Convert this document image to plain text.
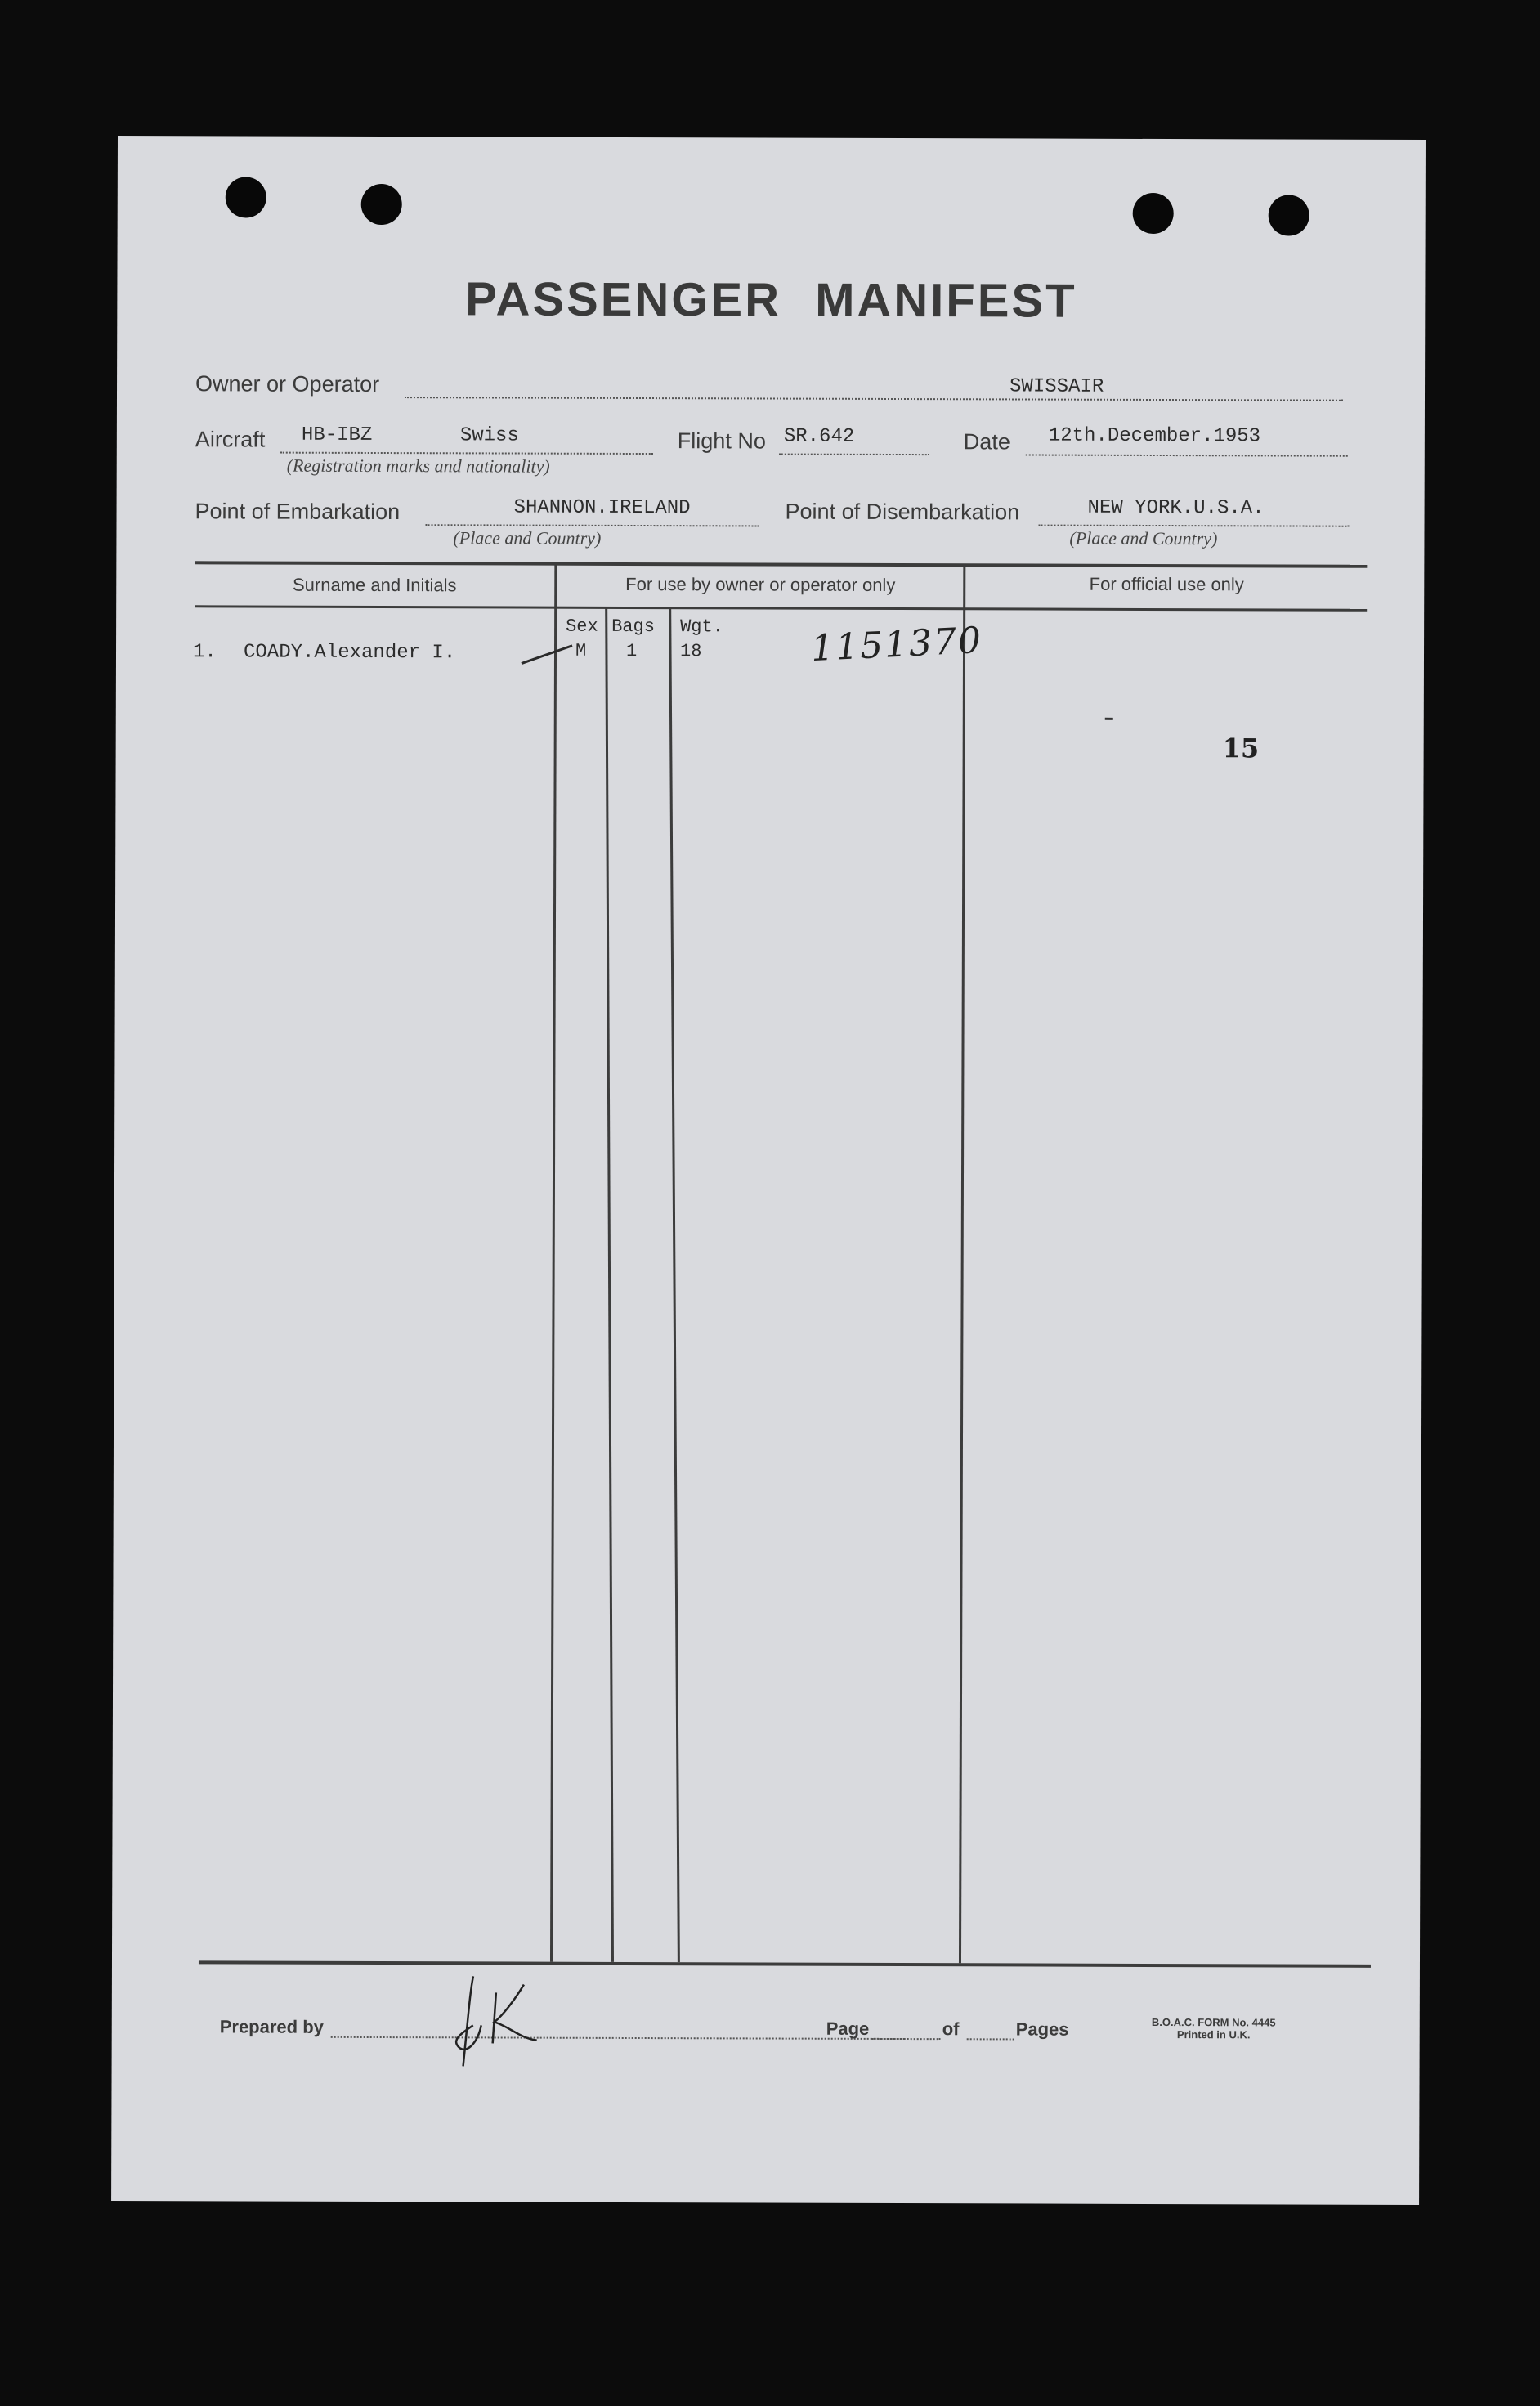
PASSENGER MANIFEST
Owner or Operator	SWISSAIR
Aircraft HB-IBZ	Swiss
(Registration marks and nationality)
Flight No SR.642	Date 12th.December.1953
Point of Embarkation	SHANNON.IRELAND
(Place and Country)
Point of Disembarkation	NEW YORK.U.S.A.
(Place and Country)
Surname and Initials	For use by owner or operator only	For official use only
Sex Bags Wgt.
1. COADY.Alexander I.	M 1 18	1151370
15
Prepared by	Page	of	Pages	B.O.A.C. FORM No. 4445
Printed in U.K.
